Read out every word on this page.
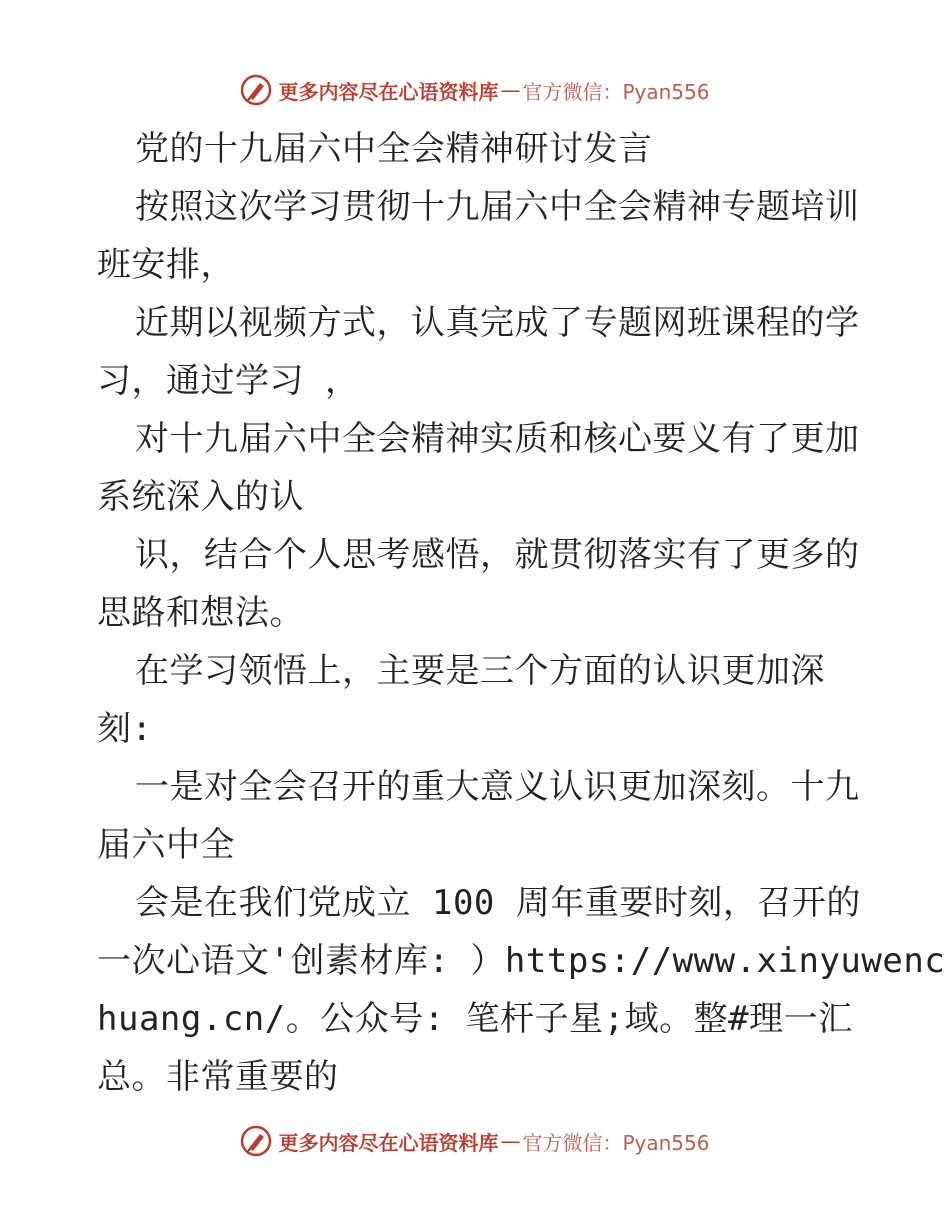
更多内容尽在心语资料库 — 官方微信：Pyan556
党的十九届六中全会精神研讨发言
按照这次学习贯彻十九届六中全会精神专题培训
班安排，
近期以视频方式，认真完成了专题网班课程的学
习，通过学习 ，
对十九届六中全会精神实质和核心要义有了更加
系统深入的认
识，结合个人思考感悟，就贯彻落实有了更多的
思路和想法。
在学习领悟上，主要是三个方面的认识更加深
刻:
一是对全会召开的重大意义认识更加深刻。十九
届六中全
会是在我们党成立 100 周年重要时刻，召开的
一次心语文'创素材库: ）https://www.xinyuwenc
huang.cn/。公众号: 笔杆子星;域。整#理一汇
总。非常重要的
更多内容尽在心语资料库 — 官方微信：Pyan556
